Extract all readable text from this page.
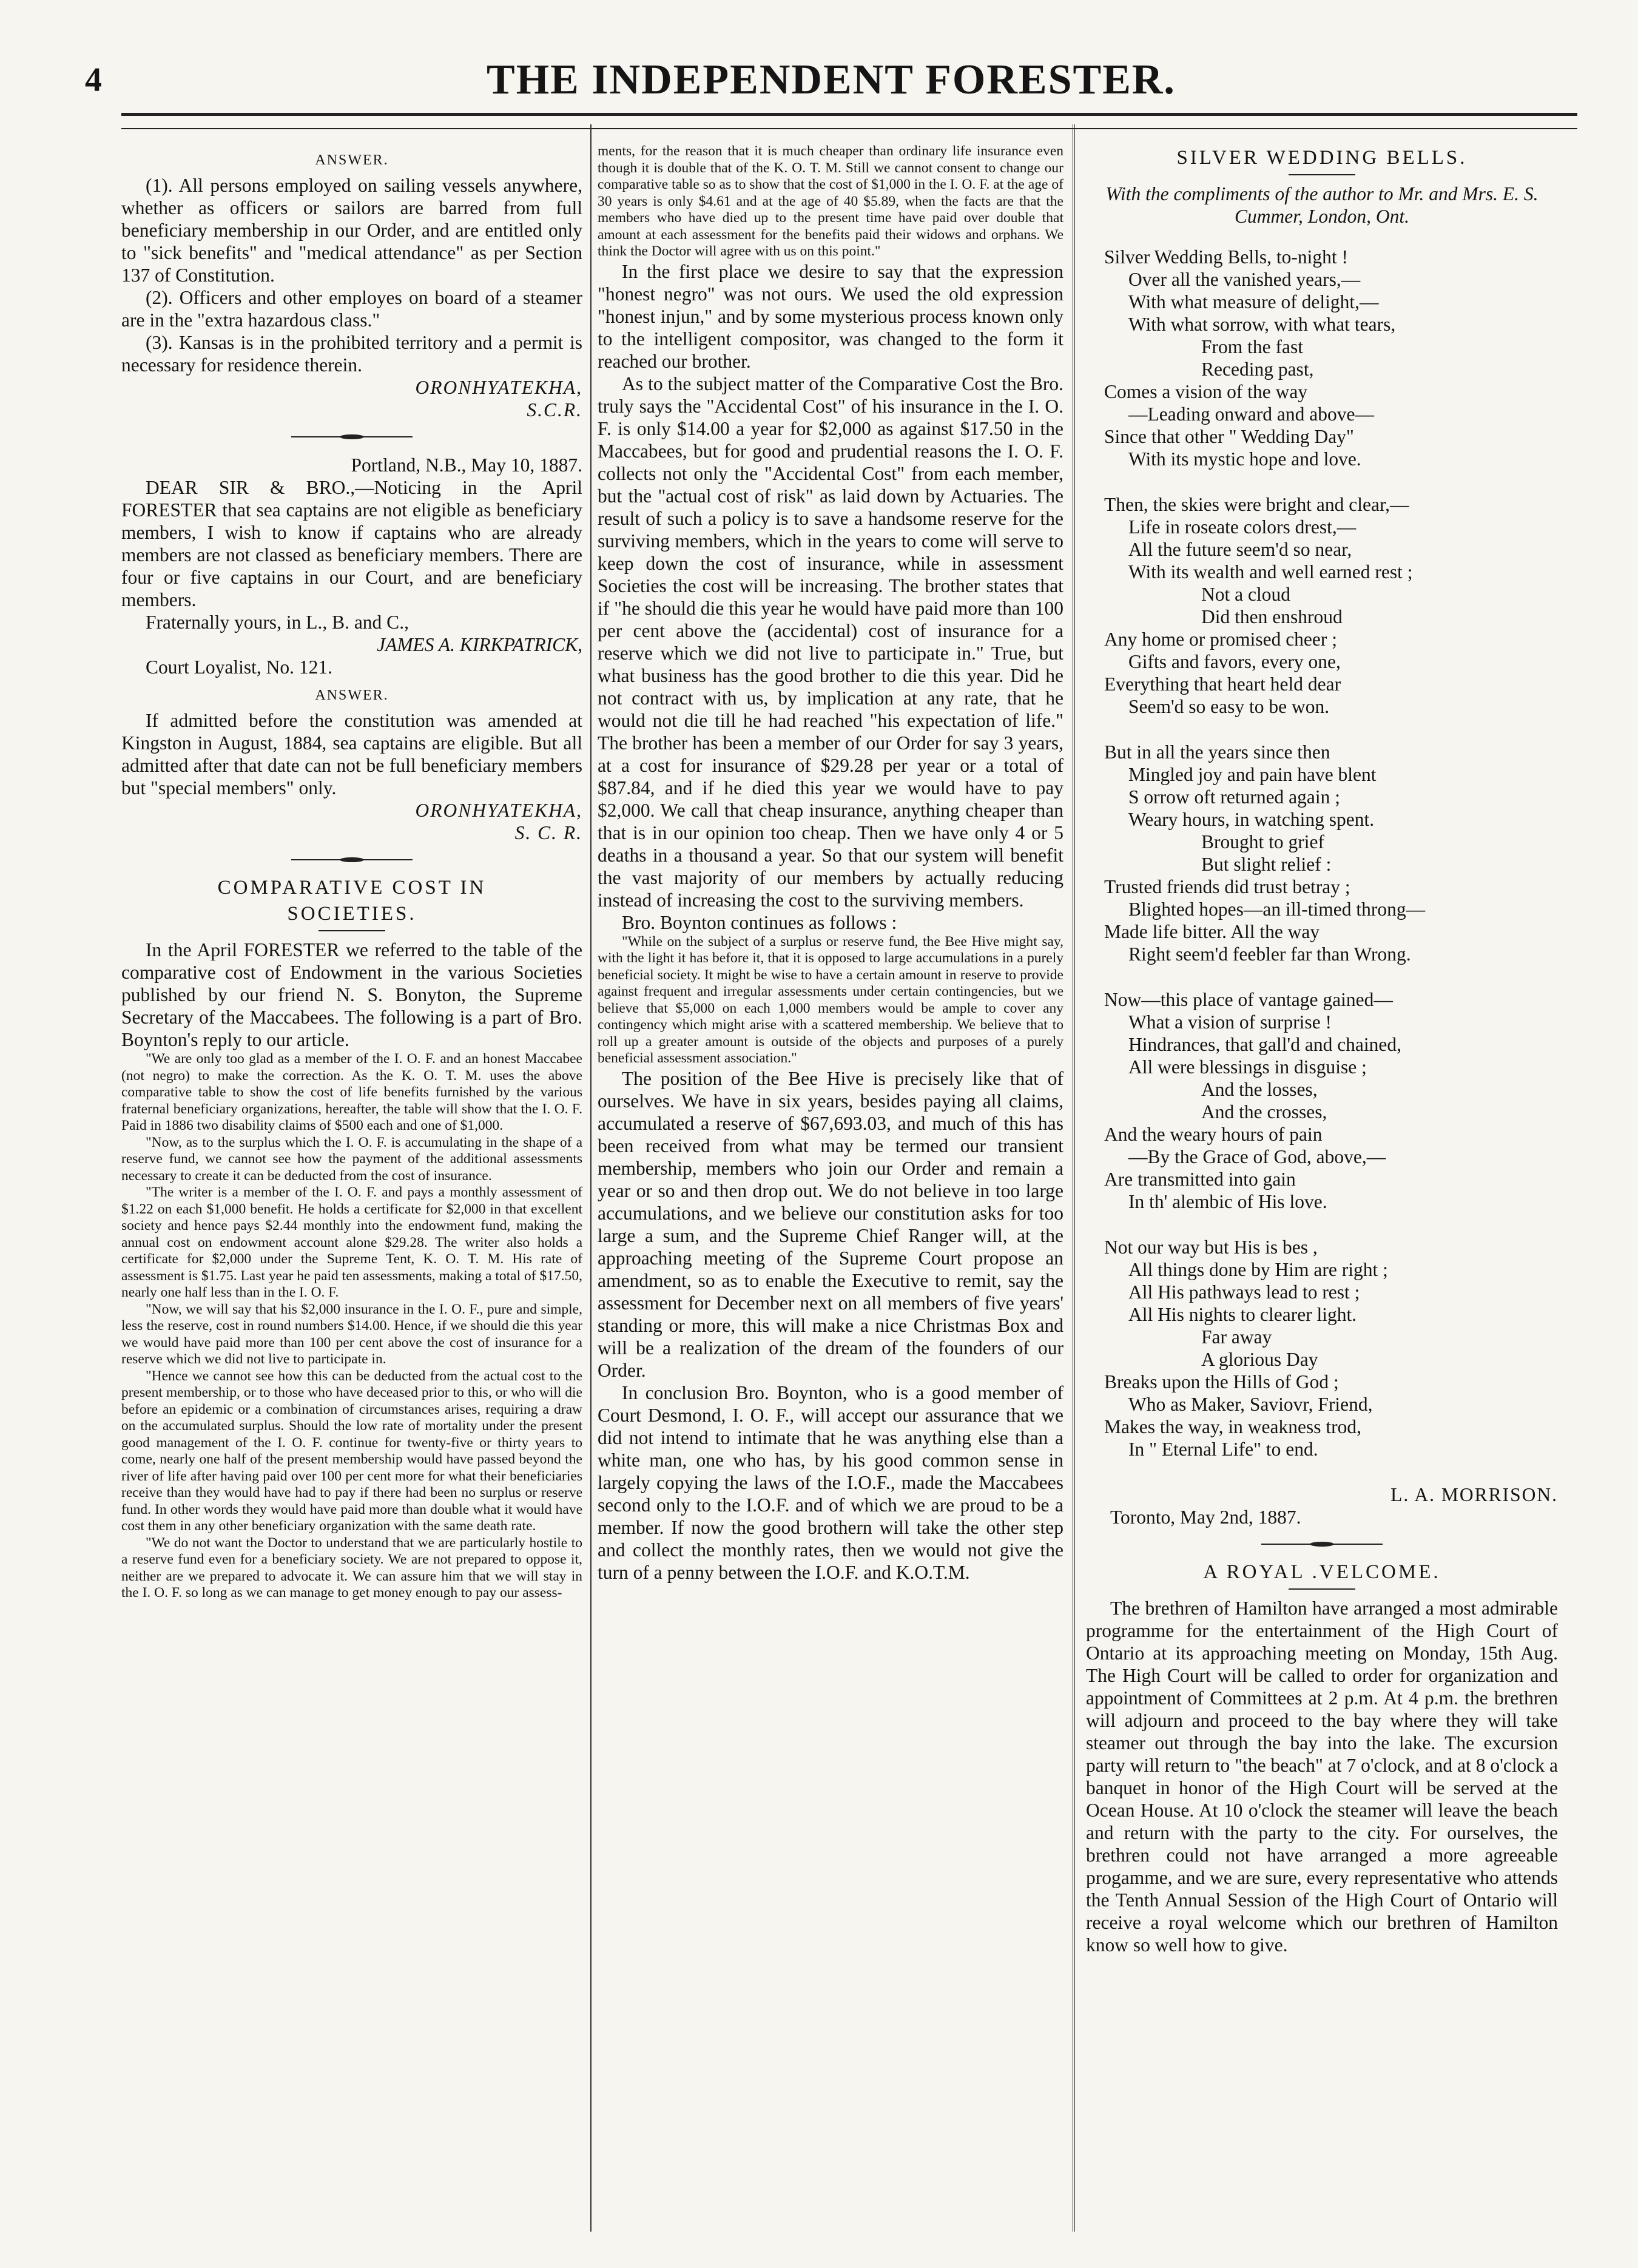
4	THE INDEPENDENT FORESTER.
ANSWER.

(1). All persons employed on sailing vessels anywhere, whether as officers or sailors are barred from full beneficiary membership in our Order, and are entitled only to "sick benefits" and "medical attendance" as per Section 137 of Constitution.

(2). Officers and other employes on board of a steamer are in the "extra hazardous class."

(3). Kansas is in the prohibited territory and a permit is necessary for residence therein.

ORONHYATEKHA,

S.C.R.

Portland, N.B., May 10, 1887.

DEAR SIR & BRO.,—Noticing in the April FORESTER that sea captains are not eligible as beneficiary members, I wish to know if captains who are already members are not classed as beneficiary members. There are four or five captains in our Court, and are beneficiary members.

Fraternally yours, in L., B. and C.,

JAMES A. KIRKPATRICK,

Court Loyalist, No. 121.

ANSWER.

If admitted before the constitution was amended at Kingston in August, 1884, sea captains are eligible. But all admitted after that date can not be full beneficiary members but "special members" only.

ORONHYATEKHA,

S. C. R.

COMPARATIVE COST IN
SOCIETIES.

In the April FORESTER we referred to the table of the comparative cost of Endowment in the various Societies published by our friend N. S. Bonyton, the Supreme Secretary of the Maccabees. The following is a part of Bro. Boynton's reply to our article.

"We are only too glad as a member of the I. O. F. and an honest Maccabee (not negro) to make the correction. As the K. O. T. M. uses the above comparative table to show the cost of life benefits furnished by the various fraternal beneficiary organizations, hereafter, the table will show that the I. O. F. Paid in 1886 two disability claims of $500 each and one of $1,000.

"Now, as to the surplus which the I. O. F. is accumulating in the shape of a reserve fund, we cannot see how the payment of the additional assessments necessary to create it can be deducted from the cost of insurance.

"The writer is a member of the I. O. F. and pays a monthly assessment of $1.22 on each $1,000 benefit. He holds a certificate for $2,000 in that excellent society and hence pays $2.44 monthly into the endowment fund, making the annual cost on endowment account alone $29.28. The writer also holds a certificate for $2,000 under the Supreme Tent, K. O. T. M. His rate of assessment is $1.75. Last year he paid ten assessments, making a total of $17.50, nearly one half less than in the I. O. F.

"Now, we will say that his $2,000 insurance in the I. O. F., pure and simple, less the reserve, cost in round numbers $14.00. Hence, if we should die this year we would have paid more than 100 per cent above the cost of insurance for a reserve which we did not live to participate in.

"Hence we cannot see how this can be deducted from the actual cost to the present membership, or to those who have deceased prior to this, or who will die before an epidemic or a combination of circumstances arises, requiring a draw on the accumulated surplus. Should the low rate of mortality under the present good management of the I. O. F. continue for twenty-five or thirty years to come, nearly one half of the present membership would have passed beyond the river of life after having paid over 100 per cent more for what their beneficiaries receive than they would have had to pay if there had been no surplus or reserve fund. In other words they would have paid more than double what it would have cost them in any other beneficiary organization with the same death rate.

"We do not want the Doctor to understand that we are particularly hostile to a reserve fund even for a beneficiary society. We are not prepared to oppose it, neither are we prepared to advocate it. We can assure him that we will stay in the I. O. F. so long as we can manage to get money enough to pay our assess-

ments, for the reason that it is much cheaper than ordinary life insurance even though it is double that of the K. O. T. M. Still we cannot consent to change our comparative table so as to show that the cost of $1,000 in the I. O. F. at the age of 30 years is only $4.61 and at the age of 40 $5.89, when the facts are that the members who have died up to the present time have paid over double that amount at each assessment for the benefits paid their widows and orphans. We think the Doctor will agree with us on this point."

In the first place we desire to say that the expression "honest negro" was not ours. We used the old expression "honest injun," and by some mysterious process known only to the intelligent compositor, was changed to the form it reached our brother.

As to the subject matter of the Comparative Cost the Bro. truly says the "Accidental Cost" of his insurance in the I. O. F. is only $14.00 a year for $2,000 as against $17.50 in the Maccabees, but for good and prudential reasons the I. O. F. collects not only the "Accidental Cost" from each member, but the "actual cost of risk" as laid down by Actuaries. The result of such a policy is to save a handsome reserve for the surviving members, which in the years to come will serve to keep down the cost of insurance, while in assessment Societies the cost will be increasing. The brother states that if "he should die this year he would have paid more than 100 per cent above the (accidental) cost of insurance for a reserve which we did not live to participate in." True, but what business has the good brother to die this year. Did he not contract with us, by implication at any rate, that he would not die till he had reached "his expectation of life." The brother has been a member of our Order for say 3 years, at a cost for insurance of $29.28 per year or a total of $87.84, and if he died this year we would have to pay $2,000. We call that cheap insurance, anything cheaper than that is in our opinion too cheap. Then we have only 4 or 5 deaths in a thousand a year. So that our system will benefit the vast majority of our members by actually reducing instead of increasing the cost to the surviving members.

Bro. Boynton continues as follows :

"While on the subject of a surplus or reserve fund, the Bee Hive might say, with the light it has before it, that it is opposed to large accumulations in a purely beneficial society. It might be wise to have a certain amount in reserve to provide against frequent and irregular assessments under certain contingencies, but we believe that $5,000 on each 1,000 members would be ample to cover any contingency which might arise with a scattered membership. We believe that to roll up a greater amount is outside of the objects and purposes of a purely beneficial assessment association."

The position of the Bee Hive is precisely like that of ourselves. We have in six years, besides paying all claims, accumulated a reserve of $67,693.03, and much of this has been received from what may be termed our transient membership, members who join our Order and remain a year or so and then drop out. We do not believe in too large accumulations, and we believe our constitution asks for too large a sum, and the Supreme Chief Ranger will, at the approaching meeting of the Supreme Court propose an amendment, so as to enable the Executive to remit, say the assessment for December next on all members of five years' standing or more, this will make a nice Christmas Box and will be a realization of the dream of the founders of our Order.

In conclusion Bro. Boynton, who is a good member of Court Desmond, I. O. F., will accept our assurance that we did not intend to intimate that he was anything else than a white man, one who has, by his good common sense in largely copying the laws of the I.O.F., made the Maccabees second only to the I.O.F. and of which we are proud to be a member. If now the good brothern will take the other step and collect the monthly rates, then we would not give the turn of a penny between the I.O.F. and K.O.T.M.

SILVER WEDDING BELLS.

With the compliments of the author to Mr. and Mrs. E. S. Cummer, London, Ont.

Silver Wedding Bells, to-night !
Over all the vanished years,—
With what measure of delight,—
With what sorrow, with what tears,
From the fast
Receding past,
Comes a vision of the way
—Leading onward and above—
Since that other " Wedding Day"
With its mystic hope and love.
Then, the skies were bright and clear,—
Life in roseate colors drest,—
All the future seem'd so near,
With its wealth and well earned rest ;
Not a cloud
Did then enshroud
Any home or promised cheer ;
Gifts and favors, every one,
Everything that heart held dear
Seem'd so easy to be won.
But in all the years since then
Mingled joy and pain have blent
S orrow oft returned again ;
Weary hours, in watching spent.
Brought to grief
But slight relief :
Trusted friends did trust betray ;
Blighted hopes—an ill-timed throng—
Made life bitter. All the way
Right seem'd feebler far than Wrong.
Now—this place of vantage gained—
What a vision of surprise !
Hindrances, that gall'd and chained,
All were blessings in disguise ;
And the losses,
And the crosses,
And the weary hours of pain
—By the Grace of God, above,—
Are transmitted into gain
In th' alembic of His love.
Not our way but His is bes ,
All things done by Him are right ;
All His pathways lead to rest ;
All His nights to clearer light.
Far away
A glorious Day
Breaks upon the Hills of God ;
Who as Maker, Saviovr, Friend,
Makes the way, in weakness trod,
In " Eternal Life" to end.

L. A. MORRISON.

Toronto, May 2nd, 1887.

A ROYAL .VELCOME.

The brethren of Hamilton have arranged a most admirable programme for the entertainment of the High Court of Ontario at its approaching meeting on Monday, 15th Aug. The High Court will be called to order for organization and appointment of Committees at 2 p.m. At 4 p.m. the brethren will adjourn and proceed to the bay where they will take steamer out through the bay into the lake. The excursion party will return to "the beach" at 7 o'clock, and at 8 o'clock a banquet in honor of the High Court will be served at the Ocean House. At 10 o'clock the steamer will leave the beach and return with the party to the city. For ourselves, the brethren could not have arranged a more agreeable progamme, and we are sure, every representative who attends the Tenth Annual Session of the High Court of Ontario will receive a royal welcome which our brethren of Hamilton know so well how to give.
